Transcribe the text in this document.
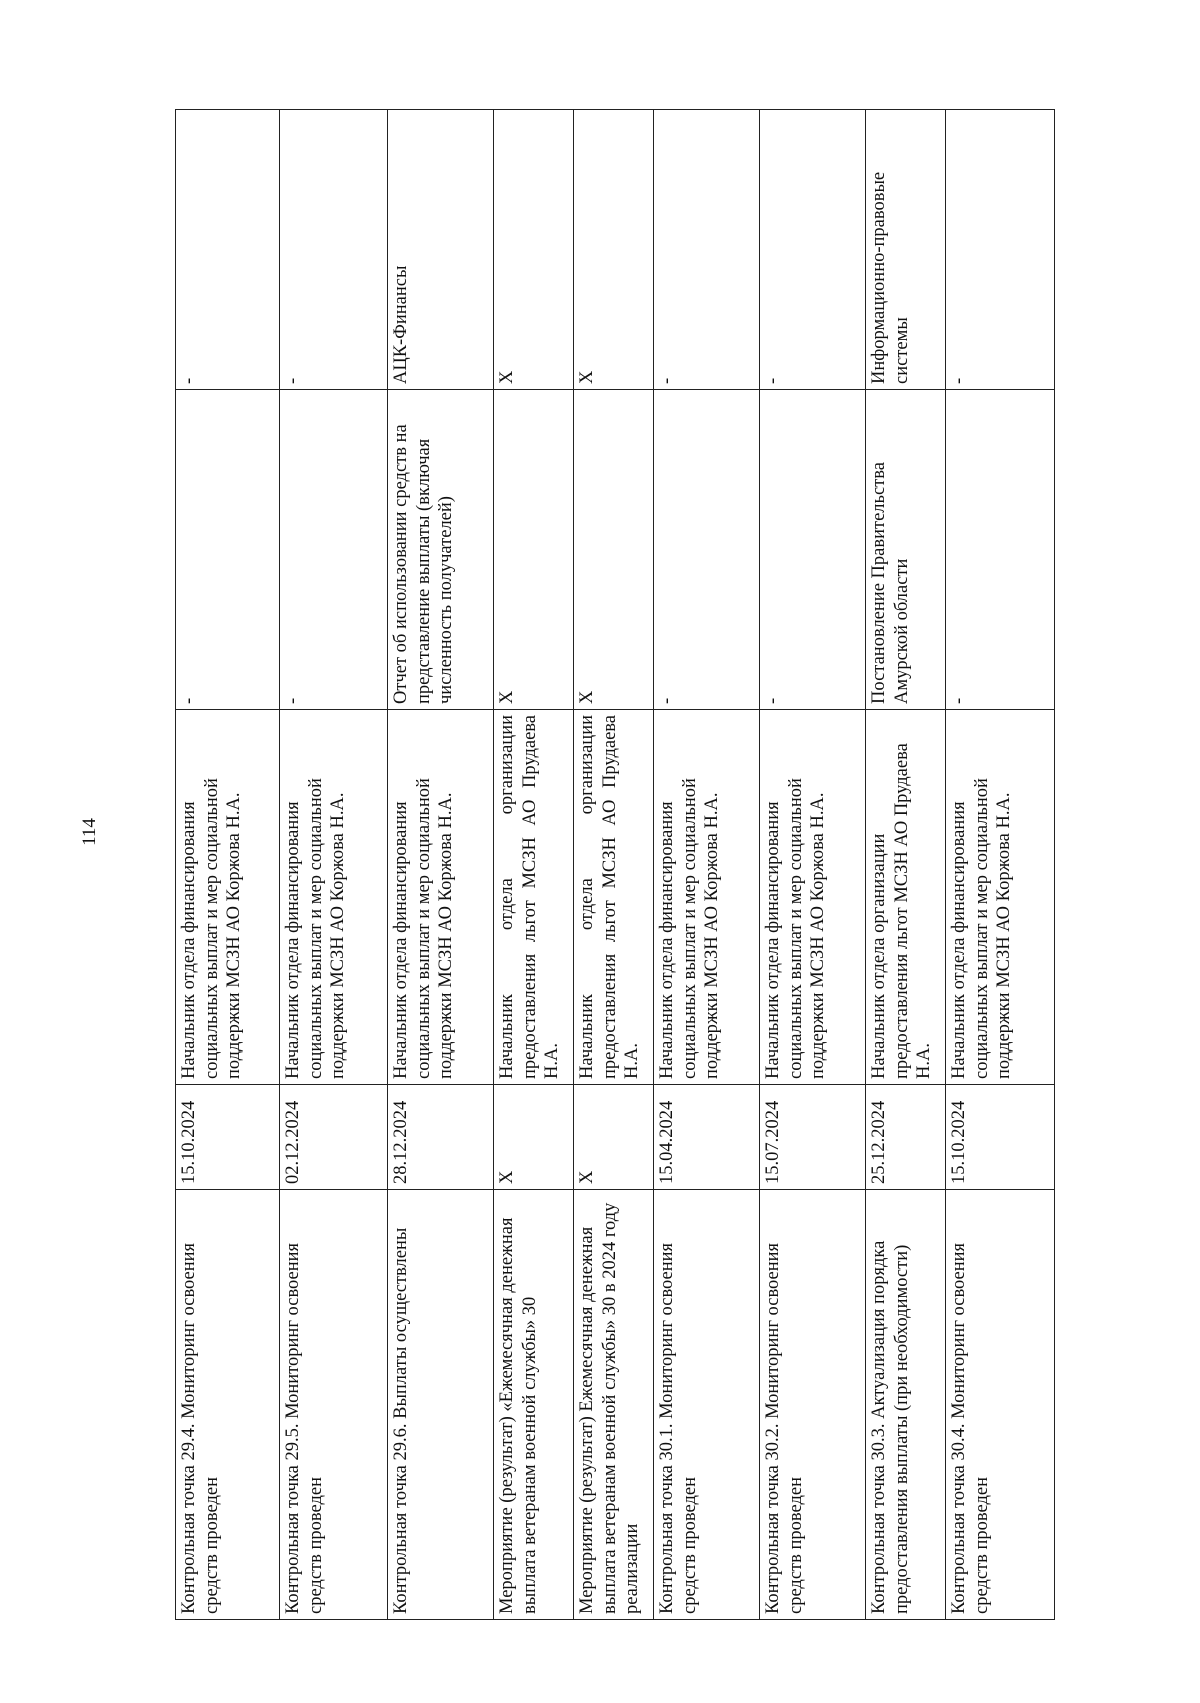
114
Контрольная точка 29.4. Мониторинг освоения средств проведен	15.10.2024	Начальник отдела финансирования социальных выплат и мер социальной поддержки МСЗН АО Коржова Н.А.	-	-
Контрольная точка 29.5. Мониторинг освоения средств проведен	02.12.2024	Начальник отдела финансирования социальных выплат и мер социальной поддержки МСЗН АО Коржова Н.А.	-	-
Контрольная точка 29.6. Выплаты осуществлены	28.12.2024	Начальник отдела финансирования социальных выплат и мер социальной поддержки МСЗН АО Коржова Н.А.	Отчет об использовании средств на представление выплаты (включая численность получателей)	АЦК-Финансы
Мероприятие (результат) «Ежемесячная денежная выплата ветеранам военной службы» 30	X	Начальник отдела организации предоставления льгот МСЗН АО Прудаева Н.А.	X	X
Мероприятие (результат) Ежемесячная денежная выплата ветеранам военной службы» 30 в 2024 году реализации	X	Начальник отдела организации предоставления льгот МСЗН АО Прудаева Н.А.	X	X
Контрольная точка 30.1. Мониторинг освоения средств проведен	15.04.2024	Начальник отдела финансирования социальных выплат и мер социальной поддержки МСЗН АО Коржова Н.А.	-	-
Контрольная точка 30.2. Мониторинг освоения средств проведен	15.07.2024	Начальник отдела финансирования социальных выплат и мер социальной поддержки МСЗН АО Коржова Н.А.	-	-
Контрольная точка 30.3. Актуализация порядка предоставления выплаты (при необходимости)	25.12.2024	Начальник отдела организации предоставления льгот МСЗН АО Прудаева Н.А.	Постановление Правительства Амурской области	Информационно-правовые системы
Контрольная точка 30.4. Мониторинг освоения средств проведен	15.10.2024	Начальник отдела финансирования социальных выплат и мер социальной поддержки МСЗН АО Коржова Н.А.	-	-
